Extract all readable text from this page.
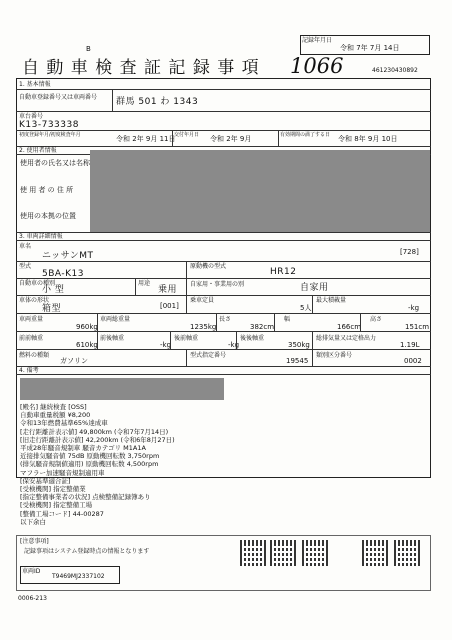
B
自 動 車 検 査 証 記 録 事 項 1066	461230430892
記録年月日
令和 7年 7月 14日
1. 基本情報
自動車登録番号又は車両番号 群馬 501 わ 1343
車台番号
K13-733338
初度登録年月/初度検査年月	令和 2年 9月 11日
交付年月日 令和 2年 9月	有効期間の満了する日 令和 8年 9月 10日
2. 使用者情報
使用者の氏名又は名称
使 用 者 の 住 所
使用の本拠の位置
3. 車両詳細情報
車名
ニッサンMT	[728]
型式
5BA-K13
原動機の型式
HR12
自動車の種別
小 型
用途
乗用
自家用・事業用の別	自家用
車体の形状
箱型	[001]
乗車定員
5人
最大積載量
-kg
車両重量
960kg
車両総重量
1235kg
長さ
382cm
幅
166cm
高さ
151cm
前前軸重
610kg
前後軸重
-kg
後前軸重
-kg
後後軸重
350kg
総排気量又は定格出力
1.19L
燃料の種類
ガソリン
型式指定番号
19545
類別区分番号
0002
4. 備考
[殿名] 継続検査 [OSS]
自動車重量税額 ¥8,200
令和13年燃費基準65%達成車
[走行距離計表示値] 49,800km (令和7年7月14日)
[旧走行距離計表示値] 42,200km (令和6年8月27日)
平成28年騒音規制車 騒音カテゴリ M1A1A
近接排気騒音値 75dB 原動機回転数 3,750rpm
(排気騒音規制値適用) 原動機回転数 4,500rpm
マフラー加速騒音規制適用車
[保安基準適合証]
[受検機関] 指定整備業
[指定整備事業者の状況] 点検整備記録簿あり
[受検機関] 指定整備工場
[整備工場コード] 44-00287
以下余白
[注意事項]
記録事項はシステム登録時点の情報となります
車両ID
T9469MJ2337102
0006-213
